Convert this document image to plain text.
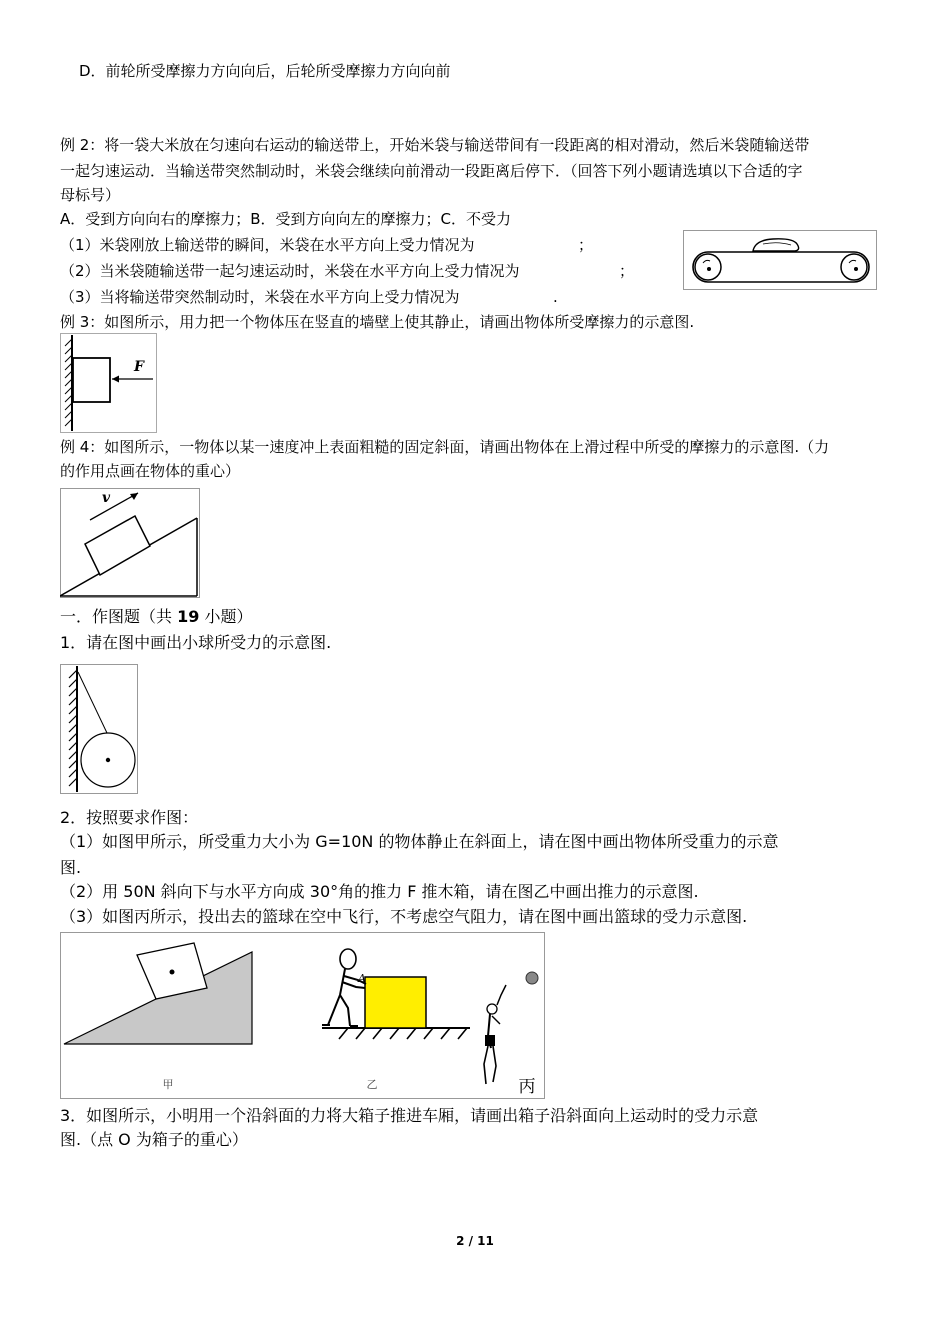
D．前轮所受摩擦力方向向后，后轮所受摩擦力方向向前
例 2：将一袋大米放在匀速向右运动的输送带上，开始米袋与输送带间有一段距离的相对滑动，然后米袋随输送带
一起匀速运动．当输送带突然制动时，米袋会继续向前滑动一段距离后停下．（回答下列小题请选填以下合适的字
母标号）
A．受到方向向右的摩擦力；B．受到方向向左的摩擦力；C．不受力
（1）米袋刚放上输送带的瞬间，米袋在水平方向上受力情况为	；
（2）当米袋随输送带一起匀速运动时，米袋在水平方向上受力情况为	；
（3）当将输送带突然制动时，米袋在水平方向上受力情况为	.
例 3：如图所示，用力把一个物体压在竖直的墙壁上使其静止，请画出物体所受摩擦力的示意图.
F
例 4：如图所示，一物体以某一速度冲上表面粗糙的固定斜面，请画出物体在上滑过程中所受的摩擦力的示意图.（力
的作用点画在物体的重心）
v
一．作图题（共 19 小题）
1．请在图中画出小球所受力的示意图.
2．按照要求作图：
（1）如图甲所示，所受重力大小为 G=10N 的物体静止在斜面上，请在图中画出物体所受重力的示意
图.
（2）用 50N 斜向下与水平方向成 30°角的推力 F 推木箱，请在图乙中画出推力的示意图.
（3）如图丙所示，投出去的篮球在空中飞行，不考虑空气阻力，请在图中画出篮球的受力示意图.
甲
A
乙	丙
3．如图所示，小明用一个沿斜面的力将大箱子推进车厢，请画出箱子沿斜面向上运动时的受力示意
图.（点 O 为箱子的重心）
2 / 11
